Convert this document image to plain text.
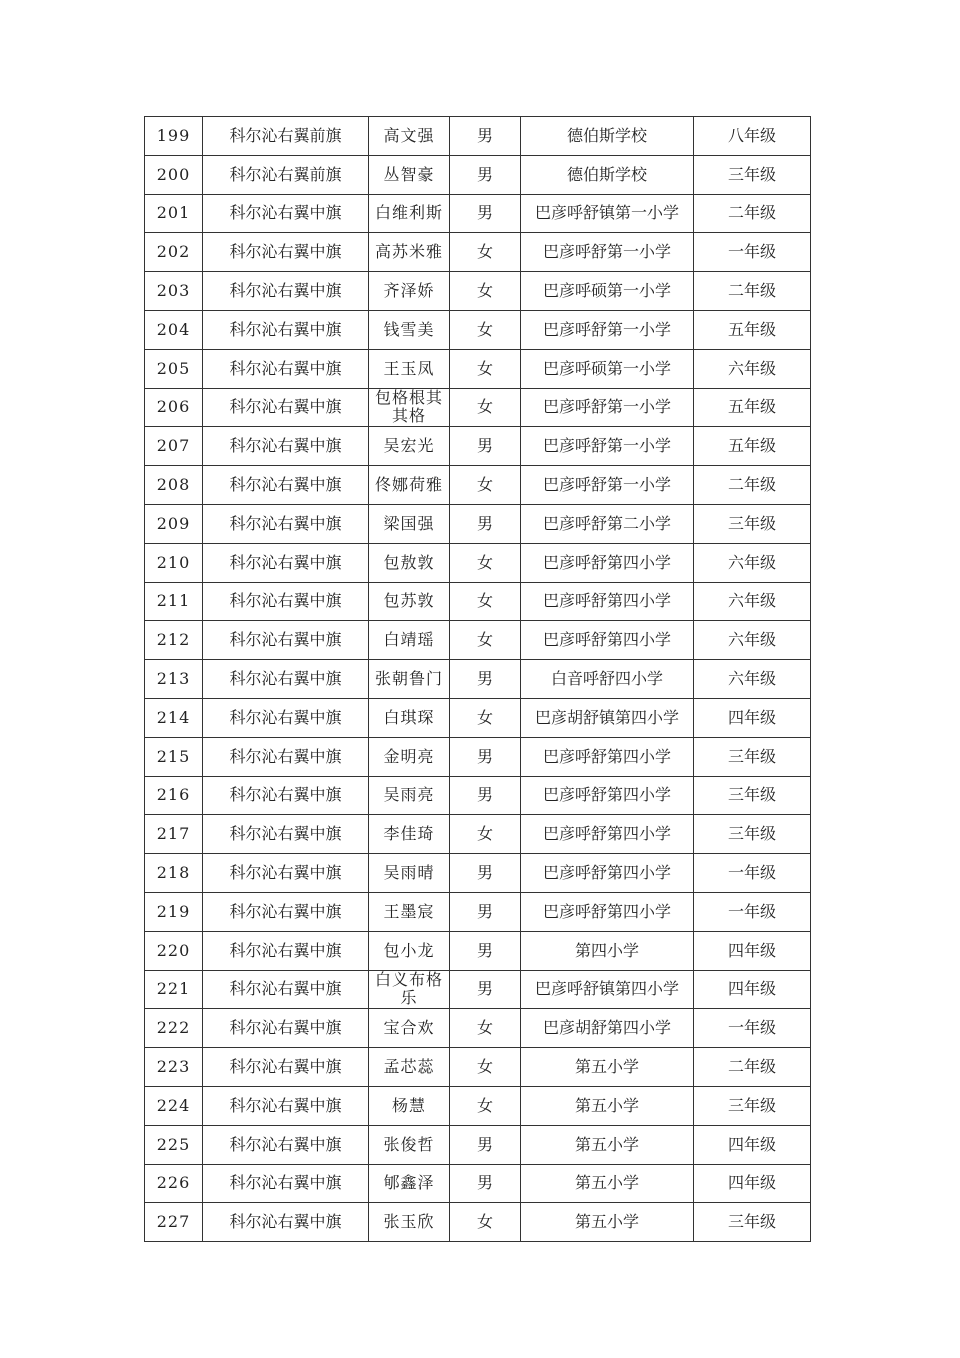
199	科尔沁右翼前旗	高文强	男	德伯斯学校	八年级
200	科尔沁右翼前旗	丛智豪	男	德伯斯学校	三年级
201	科尔沁右翼中旗	白维利斯	男	巴彦呼舒镇第一小学	二年级
202	科尔沁右翼中旗	高苏米雅	女	巴彦呼舒第一小学	一年级
203	科尔沁右翼中旗	齐泽娇	女	巴彦呼硕第一小学	二年级
204	科尔沁右翼中旗	钱雪美	女	巴彦呼舒第一小学	五年级
205	科尔沁右翼中旗	王玉凤	女	巴彦呼硕第一小学	六年级
206	科尔沁右翼中旗	包格根其其格	女	巴彦呼舒第一小学	五年级
207	科尔沁右翼中旗	吴宏光	男	巴彦呼舒第一小学	五年级
208	科尔沁右翼中旗	佟娜荷雅	女	巴彦呼舒第一小学	二年级
209	科尔沁右翼中旗	梁国强	男	巴彦呼舒第二小学	三年级
210	科尔沁右翼中旗	包敖敦	女	巴彦呼舒第四小学	六年级
211	科尔沁右翼中旗	包苏敦	女	巴彦呼舒第四小学	六年级
212	科尔沁右翼中旗	白靖瑶	女	巴彦呼舒第四小学	六年级
213	科尔沁右翼中旗	张朝鲁门	男	白音呼舒四小学	六年级
214	科尔沁右翼中旗	白琪琛	女	巴彦胡舒镇第四小学	四年级
215	科尔沁右翼中旗	金明亮	男	巴彦呼舒第四小学	三年级
216	科尔沁右翼中旗	吴雨亮	男	巴彦呼舒第四小学	三年级
217	科尔沁右翼中旗	李佳琦	女	巴彦呼舒第四小学	三年级
218	科尔沁右翼中旗	吴雨晴	男	巴彦呼舒第四小学	一年级
219	科尔沁右翼中旗	王墨宸	男	巴彦呼舒第四小学	一年级
220	科尔沁右翼中旗	包小龙	男	第四小学	四年级
221	科尔沁右翼中旗	白义布格乐	男	巴彦呼舒镇第四小学	四年级
222	科尔沁右翼中旗	宝合欢	女	巴彦胡舒第四小学	一年级
223	科尔沁右翼中旗	孟芯蕊	女	第五小学	二年级
224	科尔沁右翼中旗	杨慧	女	第五小学	三年级
225	科尔沁右翼中旗	张俊哲	男	第五小学	四年级
226	科尔沁右翼中旗	郇鑫泽	男	第五小学	四年级
227	科尔沁右翼中旗	张玉欣	女	第五小学	三年级
